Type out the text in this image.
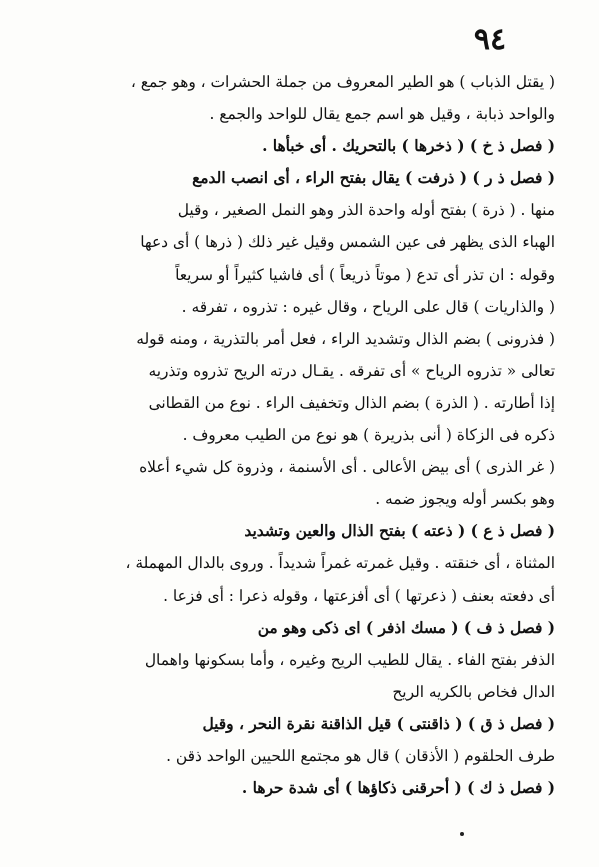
٩٤
( يقتل الذباب ) هو الطير المعروف من جملة الحشرات ، وهو جمع ،
والواحد ذبابة ، وقيل هو اسم جمع يقال للواحد والجمع .
( فصل ذ خ ) ( ذخرها ) بالتحريك . أى خبأها .
( فصل ذ ر ) ( ذرفت ) يقال بفتح الراء ، أى انصب الدمع
منها . ( ذرة ) بفتح أوله واحدة الذر وهو النمل الصغير ، وقيل
الهباء الذى يظهر فى عين الشمس وقيل غير ذلك ( ذرها ) أى دعها
وقوله : ان تذر أى تدع ( موتاً ذريعاً ) أى فاشيا كثيراً أو سريعاً
( والذاريات ) قال على الرياح ، وقال غيره : تذروه ، تفرقه .
( فذرونى ) بضم الذال وتشديد الراء ، فعل أمر بالتذرية ، ومنه قوله
تعالى « تذروه الرياح » أى تفرقه . يقـال درته الريح تذروه وتذريه
إذا أطارته . ( الذرة ) بضم الذال وتخفيف الراء . نوع من القطانى
ذكره فى الزكاة ( أنى بذريرة ) هو نوع من الطيب معروف .
( غر الذرى ) أى بيض الأعالى . أى الأسنمة ، وذروة كل شيء أعلاه
وهو بكسر أوله ويجوز ضمه .
( فصل ذ ع ) ( ذعته ) بفتح الذال والعين وتشديد
المثناة ، أى خنقته . وقيل غمرته غمراً شديداً . وروى بالدال المهملة ،
أى دفعته بعنف ( ذعرتها ) أى أفزعتها ، وقوله ذعرا : أى فزعا .
( فصل ذ ف ) ( مسك اذفر ) اى ذكى وهو من
الذفر بفتح الفاء . يقال للطيب الريح وغيره ، وأما بسكونها واهمال
الدال فخاص بالكريه الريح
( فصل ذ ق ) ( ذاقنتى ) قيل الذاقنة نقرة النحر ، وقيل
طرف الحلقوم ( الأذقان ) قال هو مجتمع اللحيين الواحد ذقن .
( فصل ذ ك ) ( أحرقنى ذكاؤها ) أى شدة حرها .
